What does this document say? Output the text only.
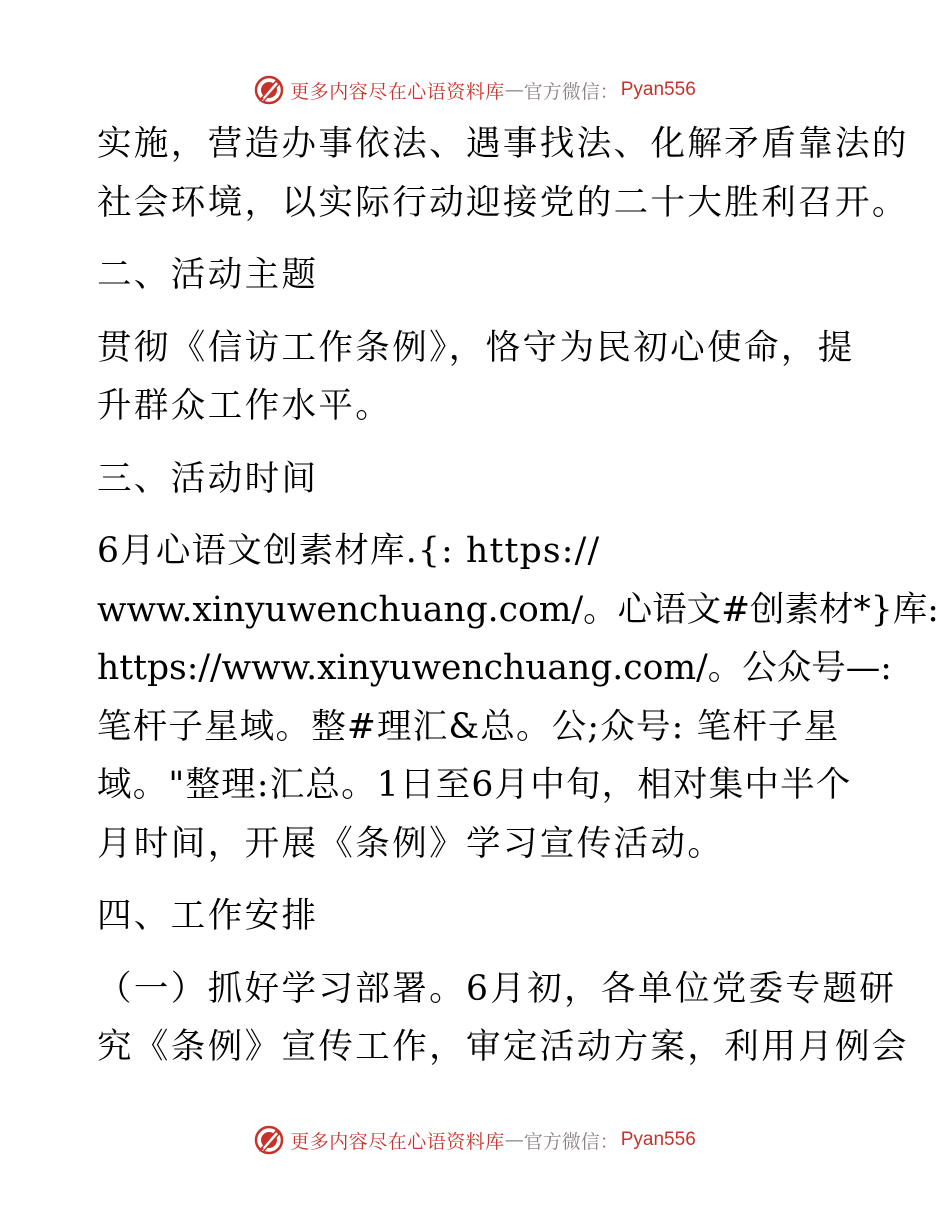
更多内容尽在心语资料库 — 官方微信： Pyan556
实施，营造办事依法、遇事找法、化解矛盾靠法的
社会环境，以实际行动迎接党的二十大胜利召开。
二、活动主题
贯彻《信访工作条例》，恪守为民初心使命，提
升群众工作水平。
三、活动时间
6月心语文创素材库.{: https://
www.xinyuwenchuang.com/。心语文#创素材*}库:
https://www.xinyuwenchuang.com/。公众号—:
笔杆子星域。整#理汇&总。公;众号: 笔杆子星
域。"整理:汇总。1日至6月中旬，相对集中半个
月时间，开展《条例》学习宣传活动。
四、工作安排
（一）抓好学习部署。6月初，各单位党委专题研
究《条例》宣传工作，审定活动方案，利用月例会
更多内容尽在心语资料库 — 官方微信： Pyan556
